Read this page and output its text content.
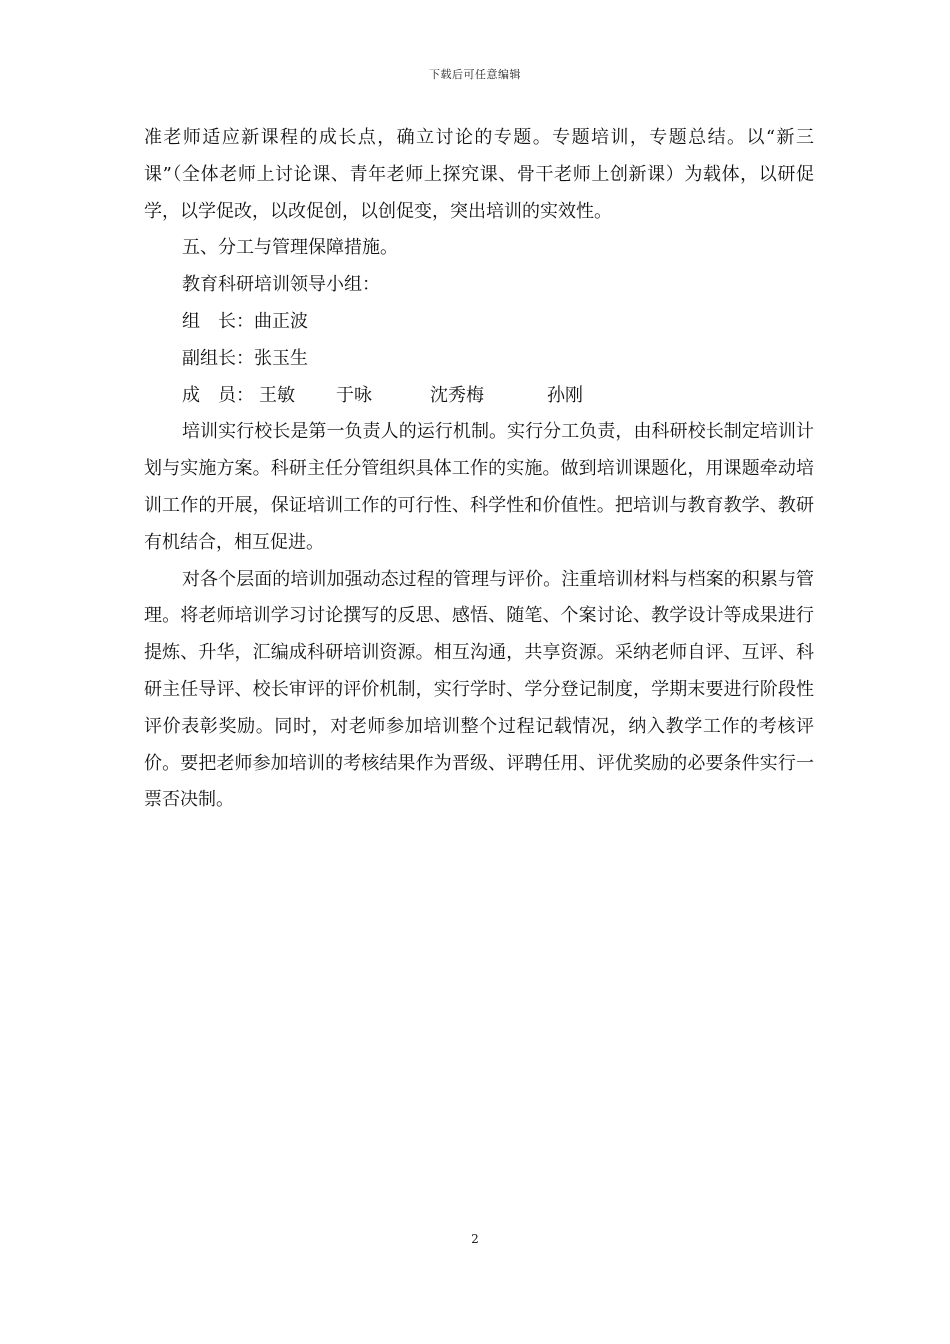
下载后可任意编辑

准老师适应新课程的成长点，确立讨论的专题。专题培训，专题总结。以“新三课”（全体老师上讨论课、青年老师上探究课、骨干老师上创新课）为载体，以研促学，以学促改，以改促创，以创促变，突出培训的实效性。

五、分工与管理保障措施。

教育科研培训领导小组：

组　长：曲正波

副组长：张玉生

成　员： 王敏 于咏	沈秀梅	孙刚

培训实行校长是第一负责人的运行机制。实行分工负责，由科研校长制定培训计划与实施方案。科研主任分管组织具体工作的实施。做到培训课题化，用课题牵动培训工作的开展，保证培训工作的可行性、科学性和价值性。把培训与教育教学、教研有机结合，相互促进。

对各个层面的培训加强动态过程的管理与评价。注重培训材料与档案的积累与管理。将老师培训学习讨论撰写的反思、感悟、随笔、个案讨论、教学设计等成果进行提炼、升华，汇编成科研培训资源。相互沟通，共享资源。采纳老师自评、互评、科研主任导评、校长审评的评价机制，实行学时、学分登记制度，学期末要进行阶段性评价表彰奖励。同时，对老师参加培训整个过程记载情况，纳入教学工作的考核评价。要把老师参加培训的考核结果作为晋级、评聘任用、评优奖励的必要条件实行一票否决制。

2
